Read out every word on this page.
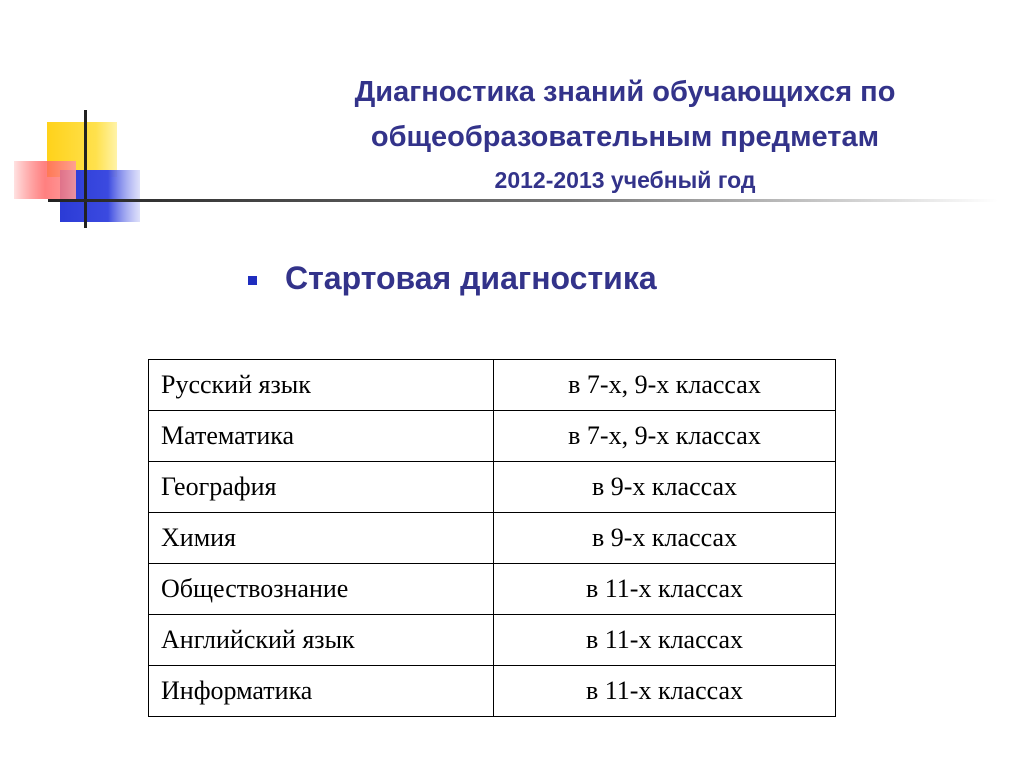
Диагностика знаний обучающихся по
общеобразовательным предметам
2012-2013 учебный год
Стартовая диагностика
Русский язык	в 7-х, 9-х классах
Математика	в 7-х, 9-х классах
География	в 9-х классах
Химия	в 9-х классах
Обществознание	в 11-х классах
Английский язык	в 11-х классах
Информатика	в 11-х классах
